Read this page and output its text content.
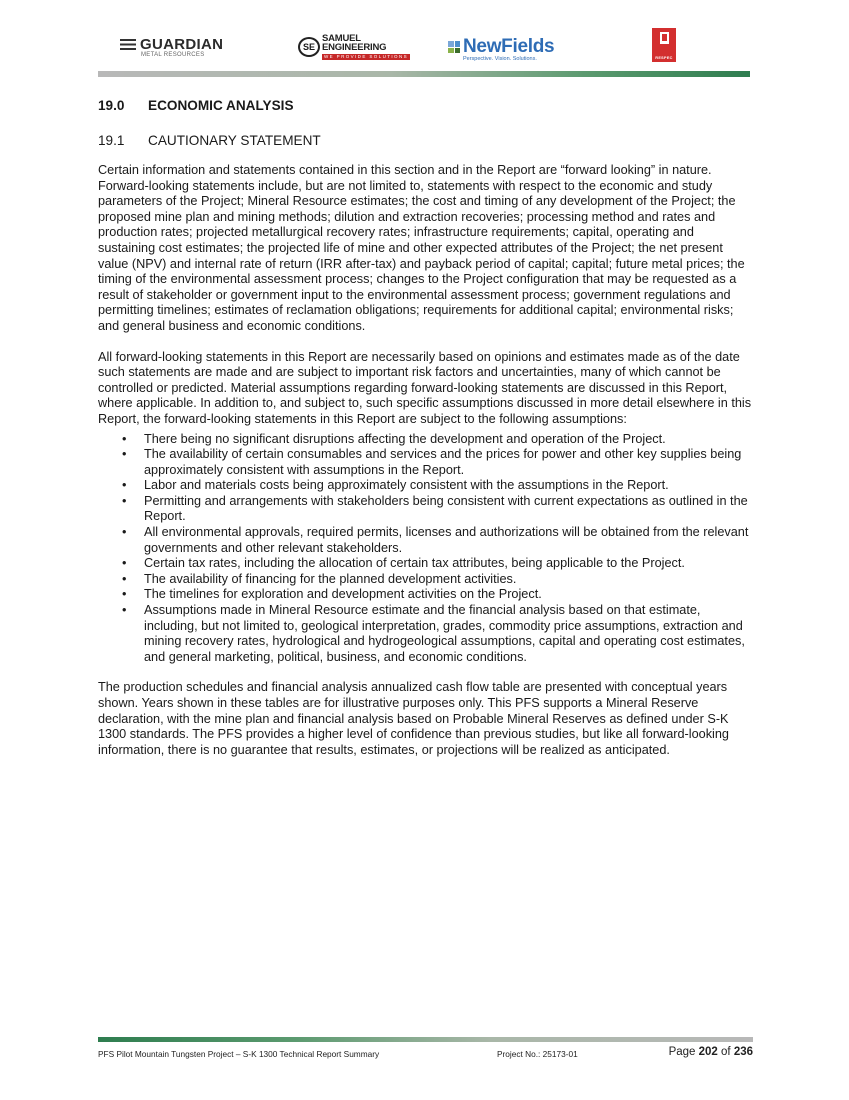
GUARDIAN
METAL RESOURCES
SE
SAMUEL
ENGINEERING
WE PROVIDE SOLUTIONS	NewFields
Perspective. Vision. Solutions.	RESPEC
19.0 ECONOMIC ANALYSIS
19.1 CAUTIONARY STATEMENT

Certain information and statements contained in this section and in the Report are “forward looking” in nature. Forward-looking statements include, but are not limited to, statements with respect to the economic and study parameters of the Project; Mineral Resource estimates; the cost and timing of any development of the Project; the proposed mine plan and mining methods; dilution and extraction recoveries; processing method and rates and production rates; projected metallurgical recovery rates; infrastructure requirements; capital, operating and sustaining cost estimates; the projected life of mine and other expected attributes of the Project; the net present value (NPV) and internal rate of return (IRR after-tax) and payback period of capital; capital; future metal prices; the timing of the environmental assessment process; changes to the Project configuration that may be requested as a result of stakeholder or government input to the environmental assessment process; government regulations and permitting timelines; estimates of reclamation obligations; requirements for additional capital; environmental risks; and general business and economic conditions.

All forward-looking statements in this Report are necessarily based on opinions and estimates made as of the date such statements are made and are subject to important risk factors and uncertainties, many of which cannot be controlled or predicted. Material assumptions regarding forward-looking statements are discussed in this Report, where applicable. In addition to, and subject to, such specific assumptions discussed in more detail elsewhere in this Report, the forward-looking statements in this Report are subject to the following assumptions:

• There being no significant disruptions affecting the development and operation of the Project.
• The availability of certain consumables and services and the prices for power and other key supplies being approximately consistent with assumptions in the Report.
• Labor and materials costs being approximately consistent with the assumptions in the Report.
• Permitting and arrangements with stakeholders being consistent with current expectations as outlined in the Report.
• All environmental approvals, required permits, licenses and authorizations will be obtained from the relevant governments and other relevant stakeholders.
• Certain tax rates, including the allocation of certain tax attributes, being applicable to the Project.
• The availability of financing for the planned development activities.
• The timelines for exploration and development activities on the Project.
• Assumptions made in Mineral Resource estimate and the financial analysis based on that estimate, including, but not limited to, geological interpretation, grades, commodity price assumptions, extraction and mining recovery rates, hydrological and hydrogeological assumptions, capital and operating cost estimates, and general marketing, political, business, and economic conditions.

The production schedules and financial analysis annualized cash flow table are presented with conceptual years shown. Years shown in these tables are for illustrative purposes only. This PFS supports a Mineral Reserve declaration, with the mine plan and financial analysis based on Probable Mineral Reserves as defined under S-K 1300 standards. The PFS provides a higher level of confidence than previous studies, but like all forward-looking information, there is no guarantee that results, estimates, or projections will be realized as anticipated.

PFS Pilot Mountain Tungsten Project – S-K 1300 Technical Report Summary	Project No.: 25173-01	Page 202 of 236
